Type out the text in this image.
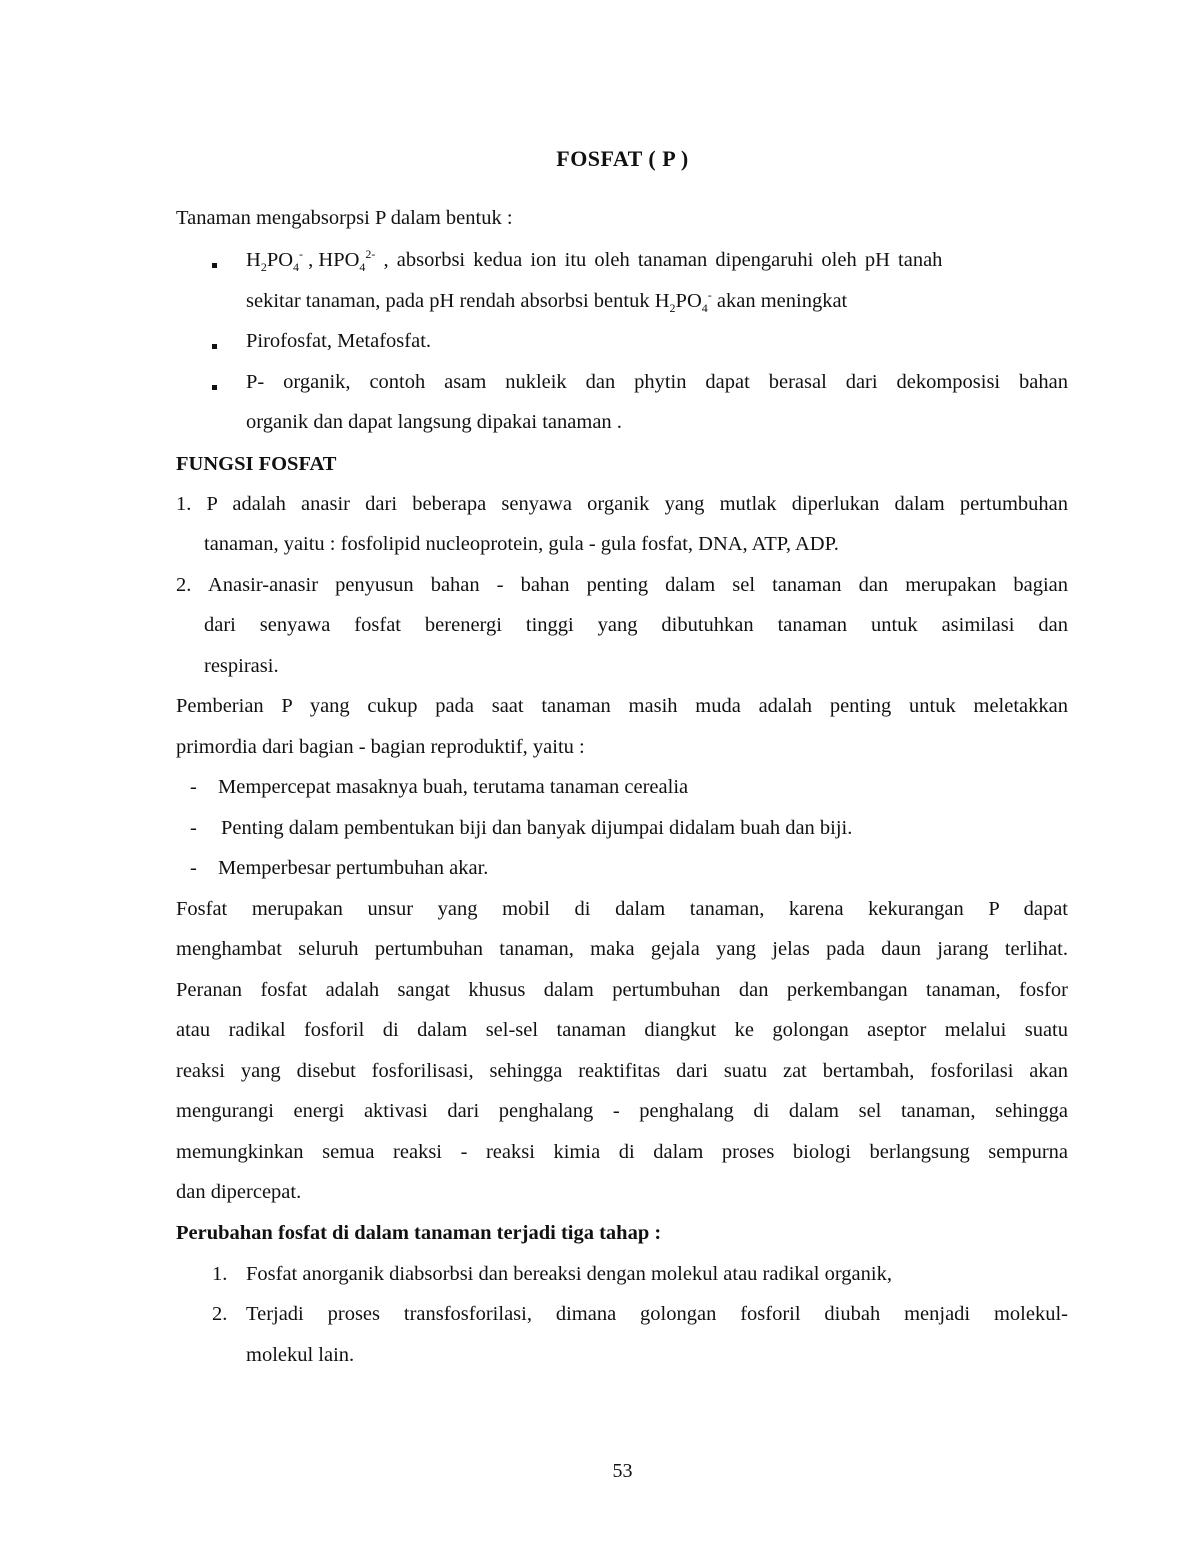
FOSFAT ( P )
Tanaman mengabsorpsi P dalam bentuk :
$H_2PO_4^-$ , $HPO_4^{2-}$ , absorbsi kedua ion itu oleh tanaman dipengaruhi oleh pH tanah
sekitar tanaman, pada pH rendah absorbsi bentuk $H_2PO_4^-$ akan meningkat
Pirofosfat, Metafosfat.
P- organik, contoh asam nukleik dan phytin dapat berasal dari dekomposisi bahan
organik dan dapat langsung dipakai tanaman .
FUNGSI FOSFAT
1. P adalah anasir dari beberapa senyawa organik yang mutlak diperlukan dalam pertumbuhan
tanaman, yaitu : fosfolipid nucleoprotein, gula - gula fosfat, DNA, ATP, ADP.
2. Anasir-anasir penyusun bahan - bahan penting dalam sel tanaman dan merupakan bagian
dari senyawa fosfat berenergi tinggi yang dibutuhkan tanaman untuk asimilasi dan
respirasi.
Pemberian P yang cukup pada saat tanaman masih muda adalah penting untuk meletakkan
primordia dari bagian - bagian reproduktif, yaitu :
- Mempercepat masaknya buah, terutama tanaman cerealia
- Penting dalam pembentukan biji dan banyak dijumpai didalam buah dan biji.
- Memperbesar pertumbuhan akar.
Fosfat merupakan unsur yang mobil di dalam tanaman, karena kekurangan P dapat
menghambat seluruh pertumbuhan tanaman, maka gejala yang jelas pada daun jarang terlihat.
Peranan fosfat adalah sangat khusus dalam pertumbuhan dan perkembangan tanaman, fosfor
atau radikal fosforil di dalam sel-sel tanaman diangkut ke golongan aseptor melalui suatu
reaksi yang disebut fosforilisasi, sehingga reaktifitas dari suatu zat bertambah, fosforilasi akan
mengurangi energi aktivasi dari penghalang - penghalang di dalam sel tanaman, sehingga
memungkinkan semua reaksi - reaksi kimia di dalam proses biologi berlangsung sempurna
dan dipercepat.
Perubahan fosfat di dalam tanaman terjadi tiga tahap :
1. Fosfat anorganik diabsorbsi dan bereaksi dengan molekul atau radikal organik,
2. Terjadi proses transfosforilasi, dimana golongan fosforil diubah menjadi molekul-
molekul lain.
53
